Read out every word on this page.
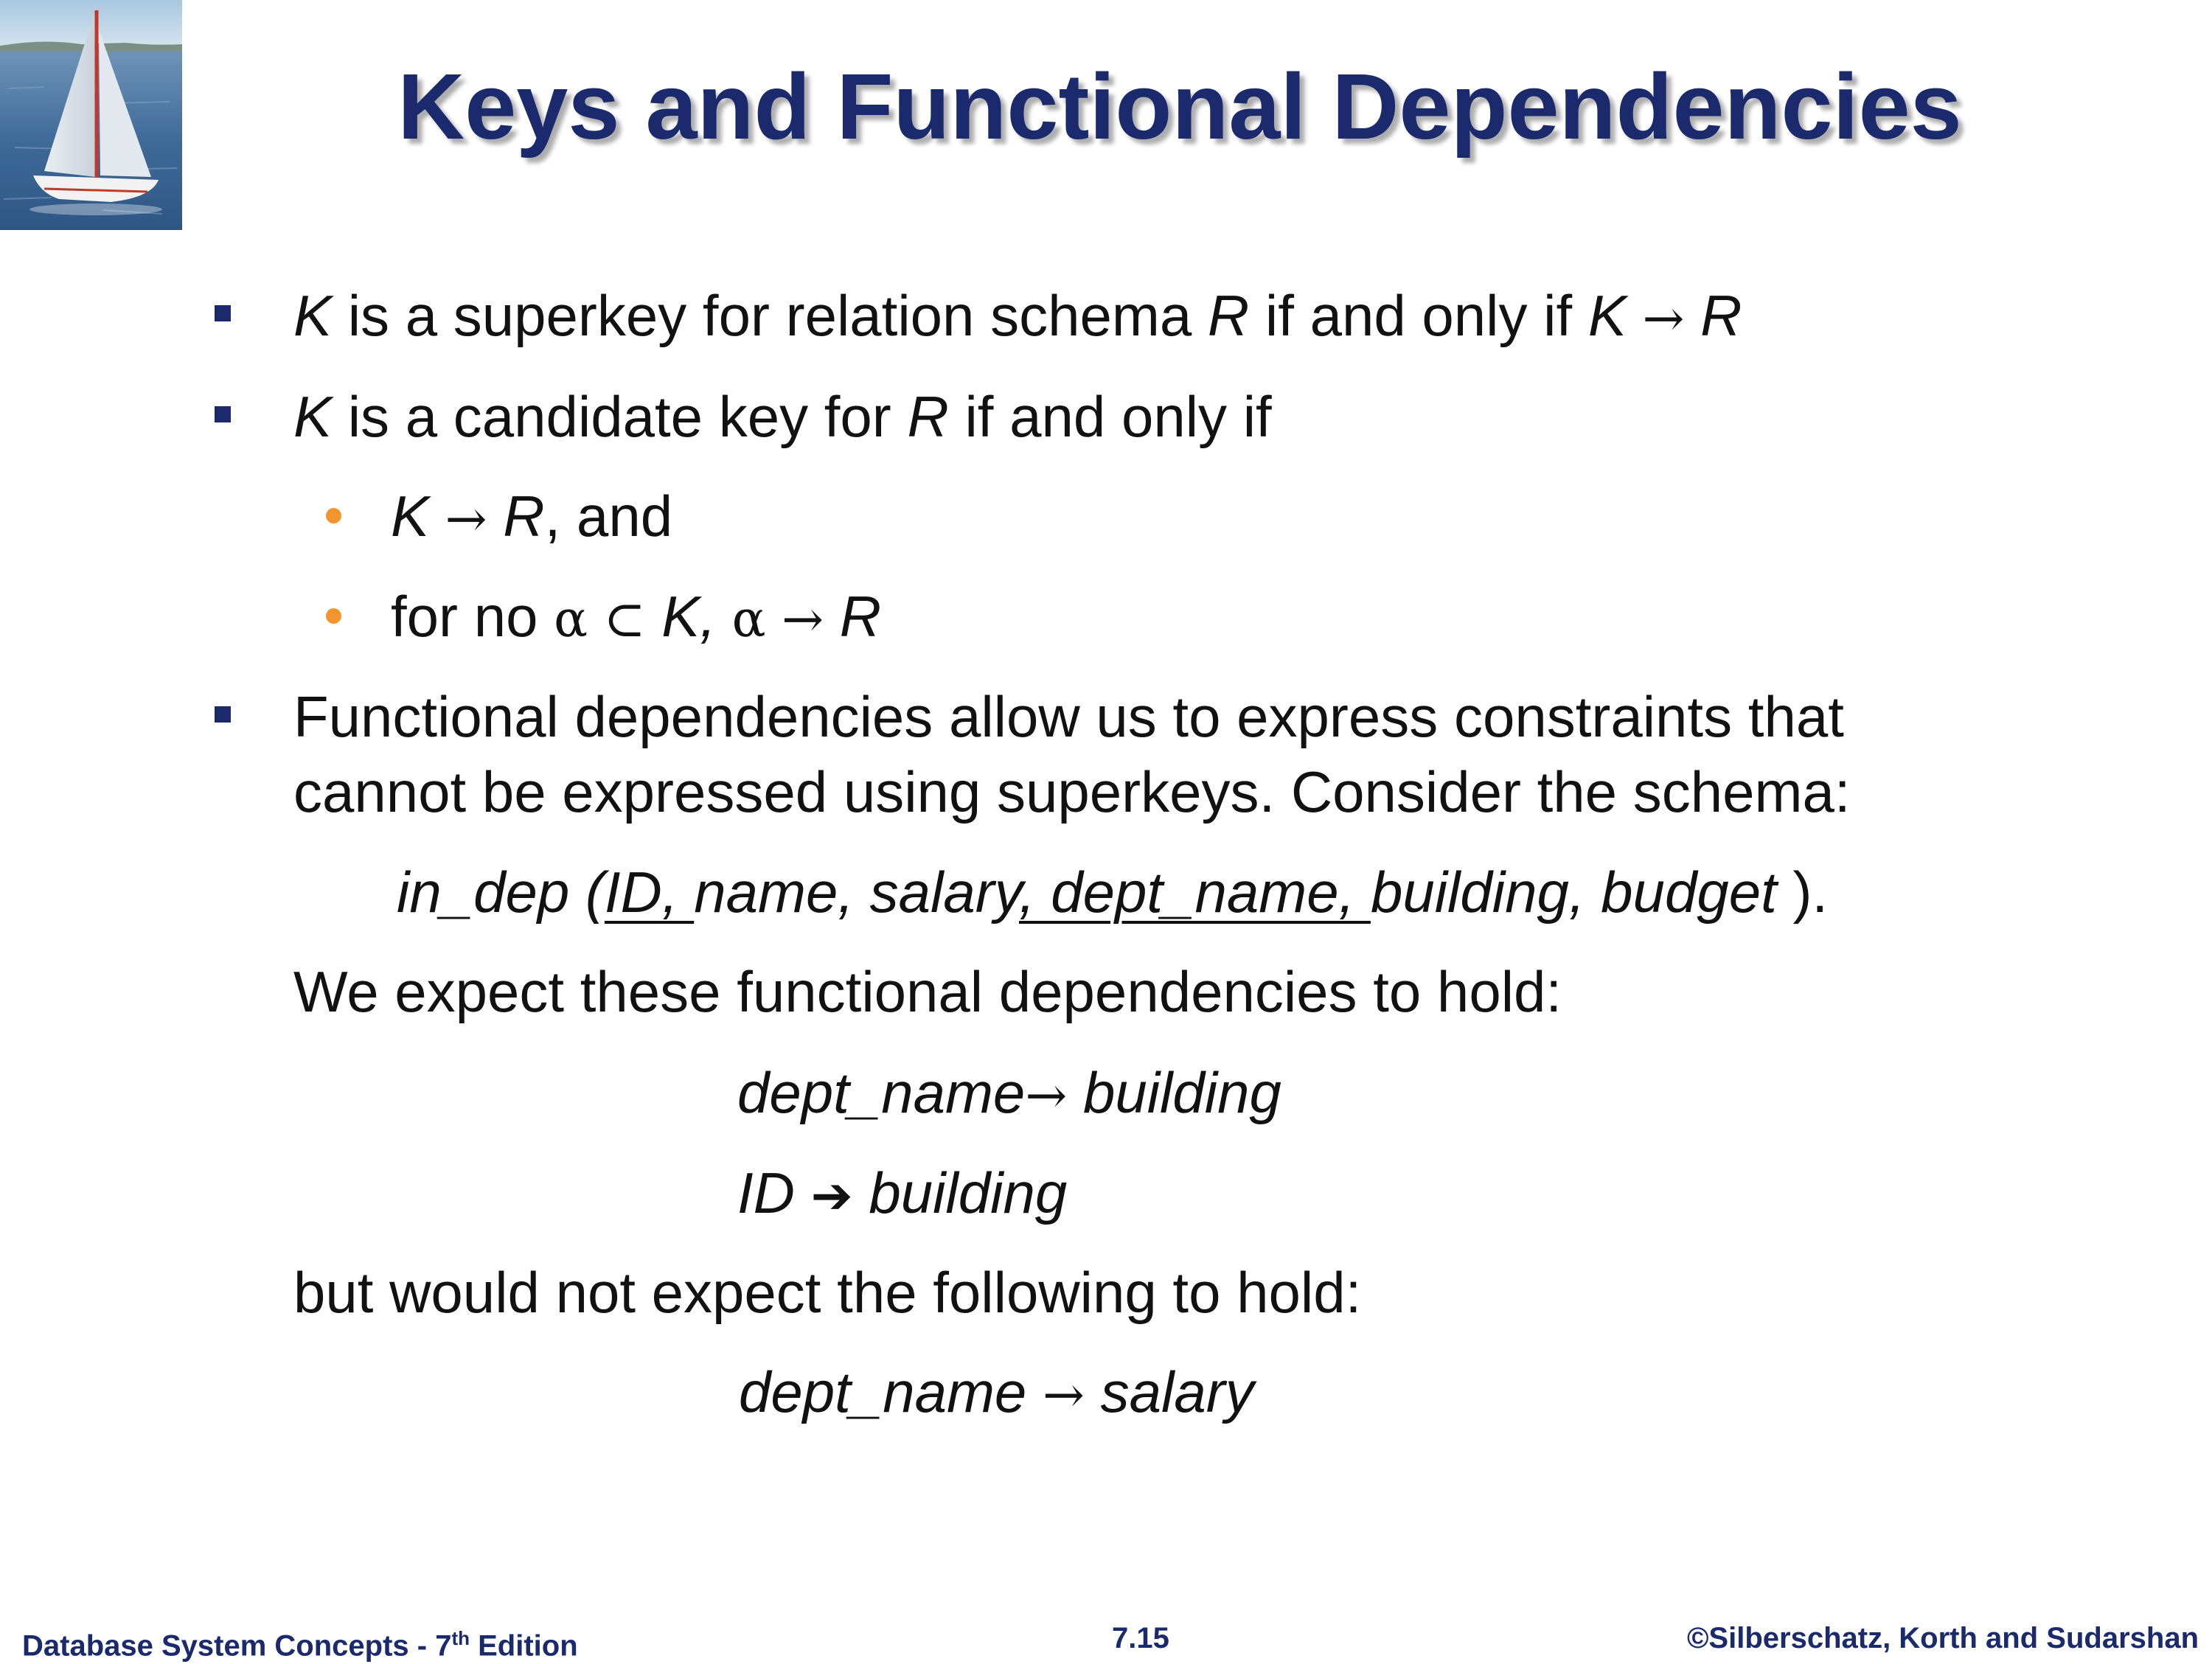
Keys and Functional Dependencies
K is a superkey for relation schema R if and only if K → R
K is a candidate key for R if and only if
K → R, and
for no α ⊂ K, α → R
Functional dependencies allow us to express constraints that
cannot be expressed using superkeys. Consider the schema:
in_dep (ID, name, salary, dept_name, building, budget ).
We expect these functional dependencies to hold:
dept_name→ building
ID ➔ building
but would not expect the following to hold:
dept_name → salary
Database System Concepts - 7th Edition	7.15	©Silberschatz, Korth and Sudarshan
